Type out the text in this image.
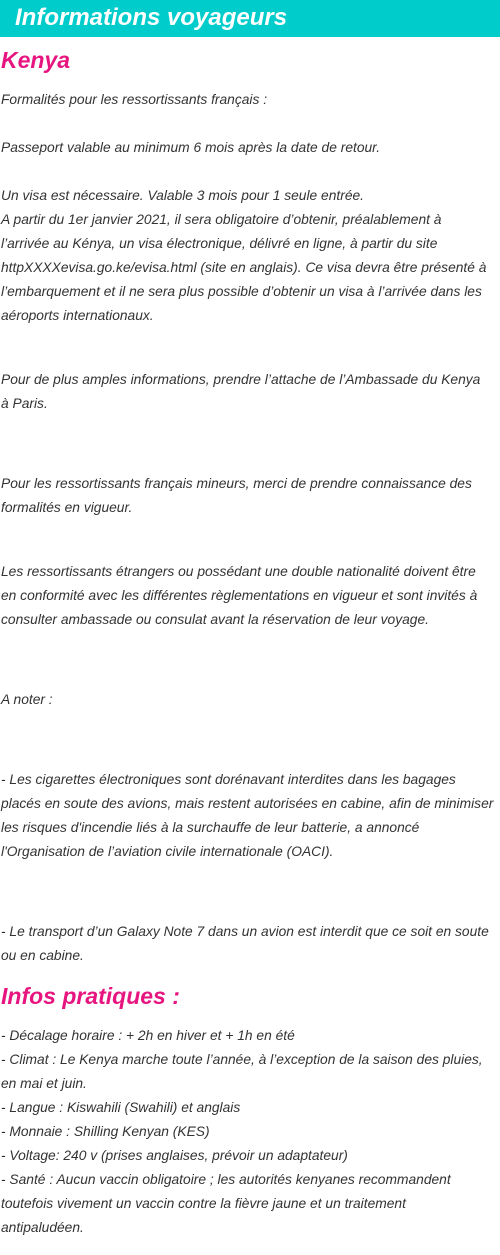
Informations voyageurs
Kenya

Formalités pour les ressortissants français :

Passeport valable au minimum 6 mois après la date de retour.

Un visa est nécessaire. Valable 3 mois pour 1 seule entrée.
A partir du 1er janvier 2021, il sera obligatoire d’obtenir, préalablement à
l’arrivée au Kénya, un visa électronique, délivré en ligne, à partir du site
httpXXXXevisa.go.ke/evisa.html (site en anglais). Ce visa devra être présenté à
l’embarquement et il ne sera plus possible d’obtenir un visa à l’arrivée dans les
aéroports internationaux.

Pour de plus amples informations, prendre l’attache de l’Ambassade du Kenya
à Paris.

Pour les ressortissants français mineurs, merci de prendre connaissance des
formalités en vigueur.

Les ressortissants étrangers ou possédant une double nationalité doivent être
en conformité avec les différentes règlementations en vigueur et sont invités à
consulter ambassade ou consulat avant la réservation de leur voyage.

A noter :

- Les cigarettes électroniques sont dorénavant interdites dans les bagages
placés en soute des avions, mais restent autorisées en cabine, afin de minimiser
les risques d'incendie liés à la surchauffe de leur batterie, a annoncé
l'Organisation de l’aviation civile internationale (OACI).

- Le transport d’un Galaxy Note 7 dans un avion est interdit que ce soit en soute
ou en cabine.

Infos pratiques :

- Décalage horaire : + 2h en hiver et + 1h en été
- Climat : Le Kenya marche toute l’année, à l’exception de la saison des pluies,
en mai et juin.
- Langue : Kiswahili (Swahili) et anglais
- Monnaie : Shilling Kenyan (KES)
- Voltage: 240 v (prises anglaises, prévoir un adaptateur)
- Santé : Aucun vaccin obligatoire ; les autorités kenyanes recommandent
toutefois vivement un vaccin contre la fièvre jaune et un traitement
antipaludéen.
